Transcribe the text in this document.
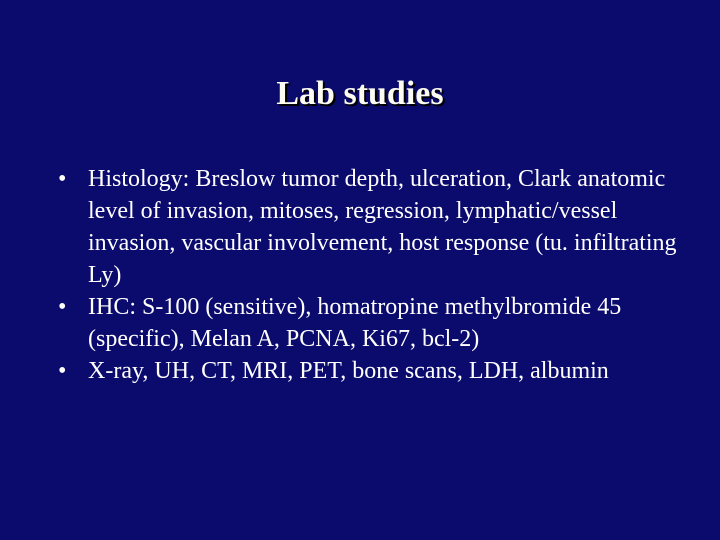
Lab studies
• Histology: Breslow tumor depth, ulceration, Clark anatomic level of invasion, mitoses, regression, lymphatic/vessel invasion, vascular involvement, host response (tu. infiltrating Ly)
• IHC: S-100 (sensitive), homatropine methylbromide 45 (specific), Melan A, PCNA, Ki67, bcl-2)
• X-ray, UH, CT, MRI, PET, bone scans, LDH, albumin
